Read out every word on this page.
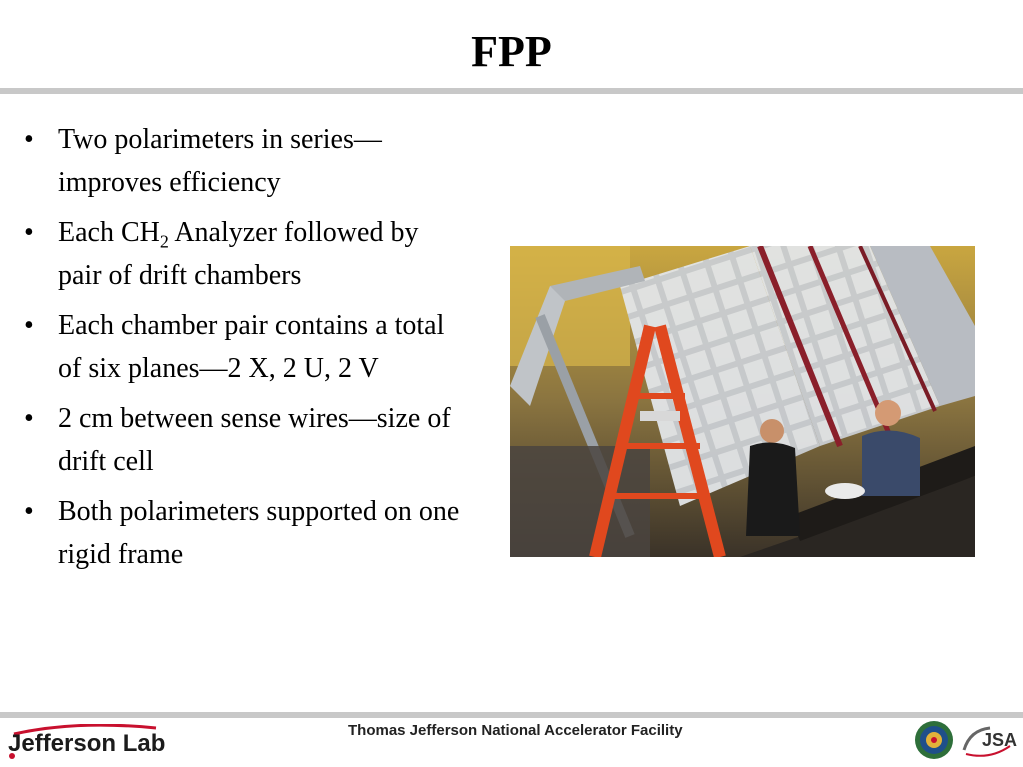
FPP
• Two polarimeters in series—improves efficiency
• Each $CH_2$ Analyzer followed by pair of drift chambers
• Each chamber pair contains a total of six planes—2 X, 2 U, 2 V
• 2 cm between sense wires—size of drift cell
• Both polarimeters supported on one rigid frame
Jefferson Lab	Thomas Jefferson National Accelerator Facility	JSA
